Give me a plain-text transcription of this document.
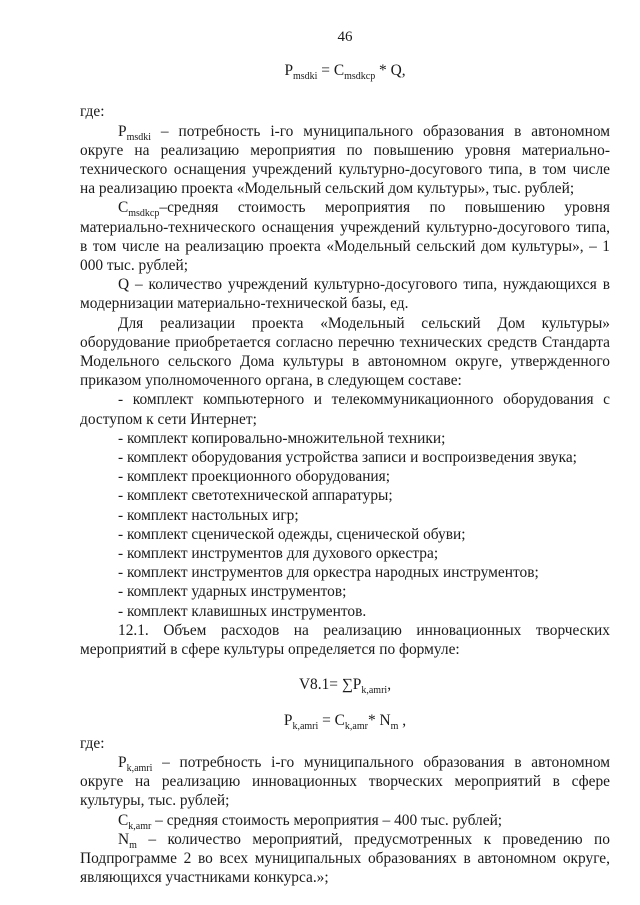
46
$P_{msdki} = C_{msdkcp} * Q$,
где:

$P_{msdki}$ – потребность i-го муниципального образования в автономном округе на реализацию мероприятия по повышению уровня материально-технического оснащения учреждений культурно-досугового типа, в том числе на реализацию проекта «Модельный сельский дом культуры», тыс. рублей;

$C_{msdkcp}$–средняя стоимость мероприятия по повышению уровня материально-технического оснащения учреждений культурно-досугового типа, в том числе на реализацию проекта «Модельный сельский дом культуры», – 1 000 тыс. рублей;

Q – количество учреждений культурно-досугового типа, нуждающихся в модернизации материально-технической базы, ед.

Для реализации проекта «Модельный сельский Дом культуры» оборудование приобретается согласно перечню технических средств Стандарта Модельного сельского Дома культуры в автономном округе, утвержденного приказом уполномоченного органа, в следующем составе:

- комплект компьютерного и телекоммуникационного оборудования с доступом к сети Интернет;
- комплект копировально-множительной техники;
- комплект оборудования устройства записи и воспроизведения звука;
- комплект проекционного оборудования;
- комплект светотехнической аппаратуры;
- комплект настольных игр;
- комплект сценической одежды, сценической обуви;
- комплект инструментов для духового оркестра;
- комплект инструментов для оркестра народных инструментов;
- комплект ударных инструментов;
- комплект клавишных инструментов.

12.1. Объем расходов на реализацию инновационных творческих мероприятий в сфере культуры определяется по формуле:

$V8.1= \sum P_{k,amri}$,
$P_{k,amri} = C_{k,amr}*$ $N_m$ ,
где:

$P_{k,amri}$ – потребность i-го муниципального образования в автономном округе на реализацию инновационных творческих мероприятий в сфере культуры, тыс. рублей;

$C_{k,amr}$ – средняя стоимость мероприятия – 400 тыс. рублей;

$N_m$ – количество мероприятий, предусмотренных к проведению по Подпрограмме 2 во всех муниципальных образованиях в автономном округе, являющихся участниками конкурса.»;
